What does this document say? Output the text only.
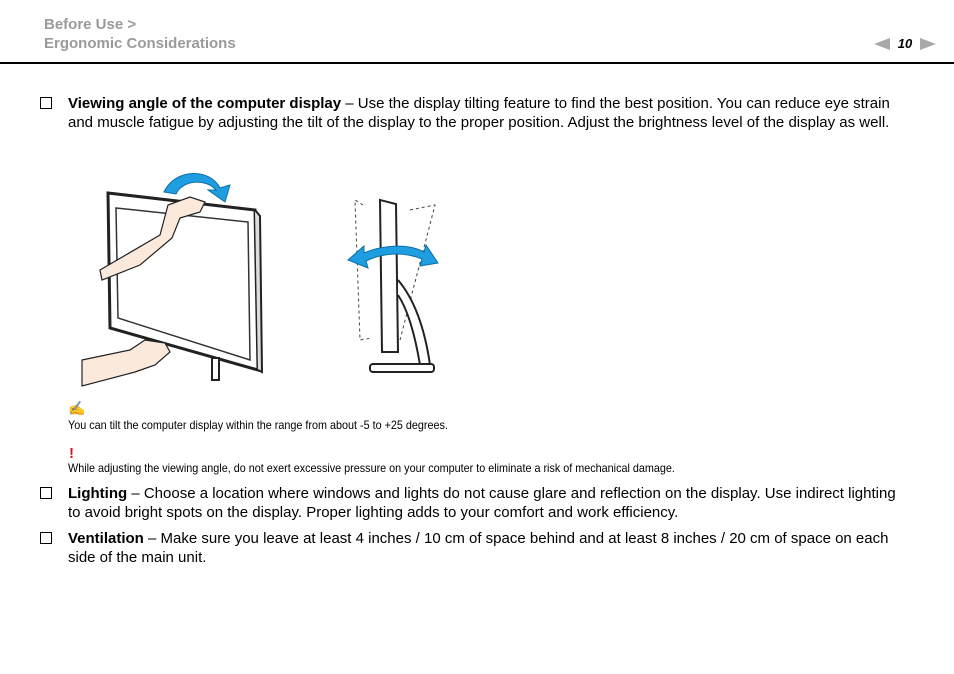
Before Use >
Ergonomic Considerations	10
Viewing angle of the computer display – Use the display tilting feature to find the best position. You can reduce eye strain and muscle fatigue by adjusting the tilt of the display to the proper position. Adjust the brightness level of the display as well.
✍
You can tilt the computer display within the range from about -5 to +25 degrees.
!
While adjusting the viewing angle, do not exert excessive pressure on your computer to eliminate a risk of mechanical damage.
Lighting – Choose a location where windows and lights do not cause glare and reflection on the display. Use indirect lighting to avoid bright spots on the display. Proper lighting adds to your comfort and work efficiency.
Ventilation – Make sure you leave at least 4 inches / 10 cm of space behind and at least 8 inches / 20 cm of space on each side of the main unit.
